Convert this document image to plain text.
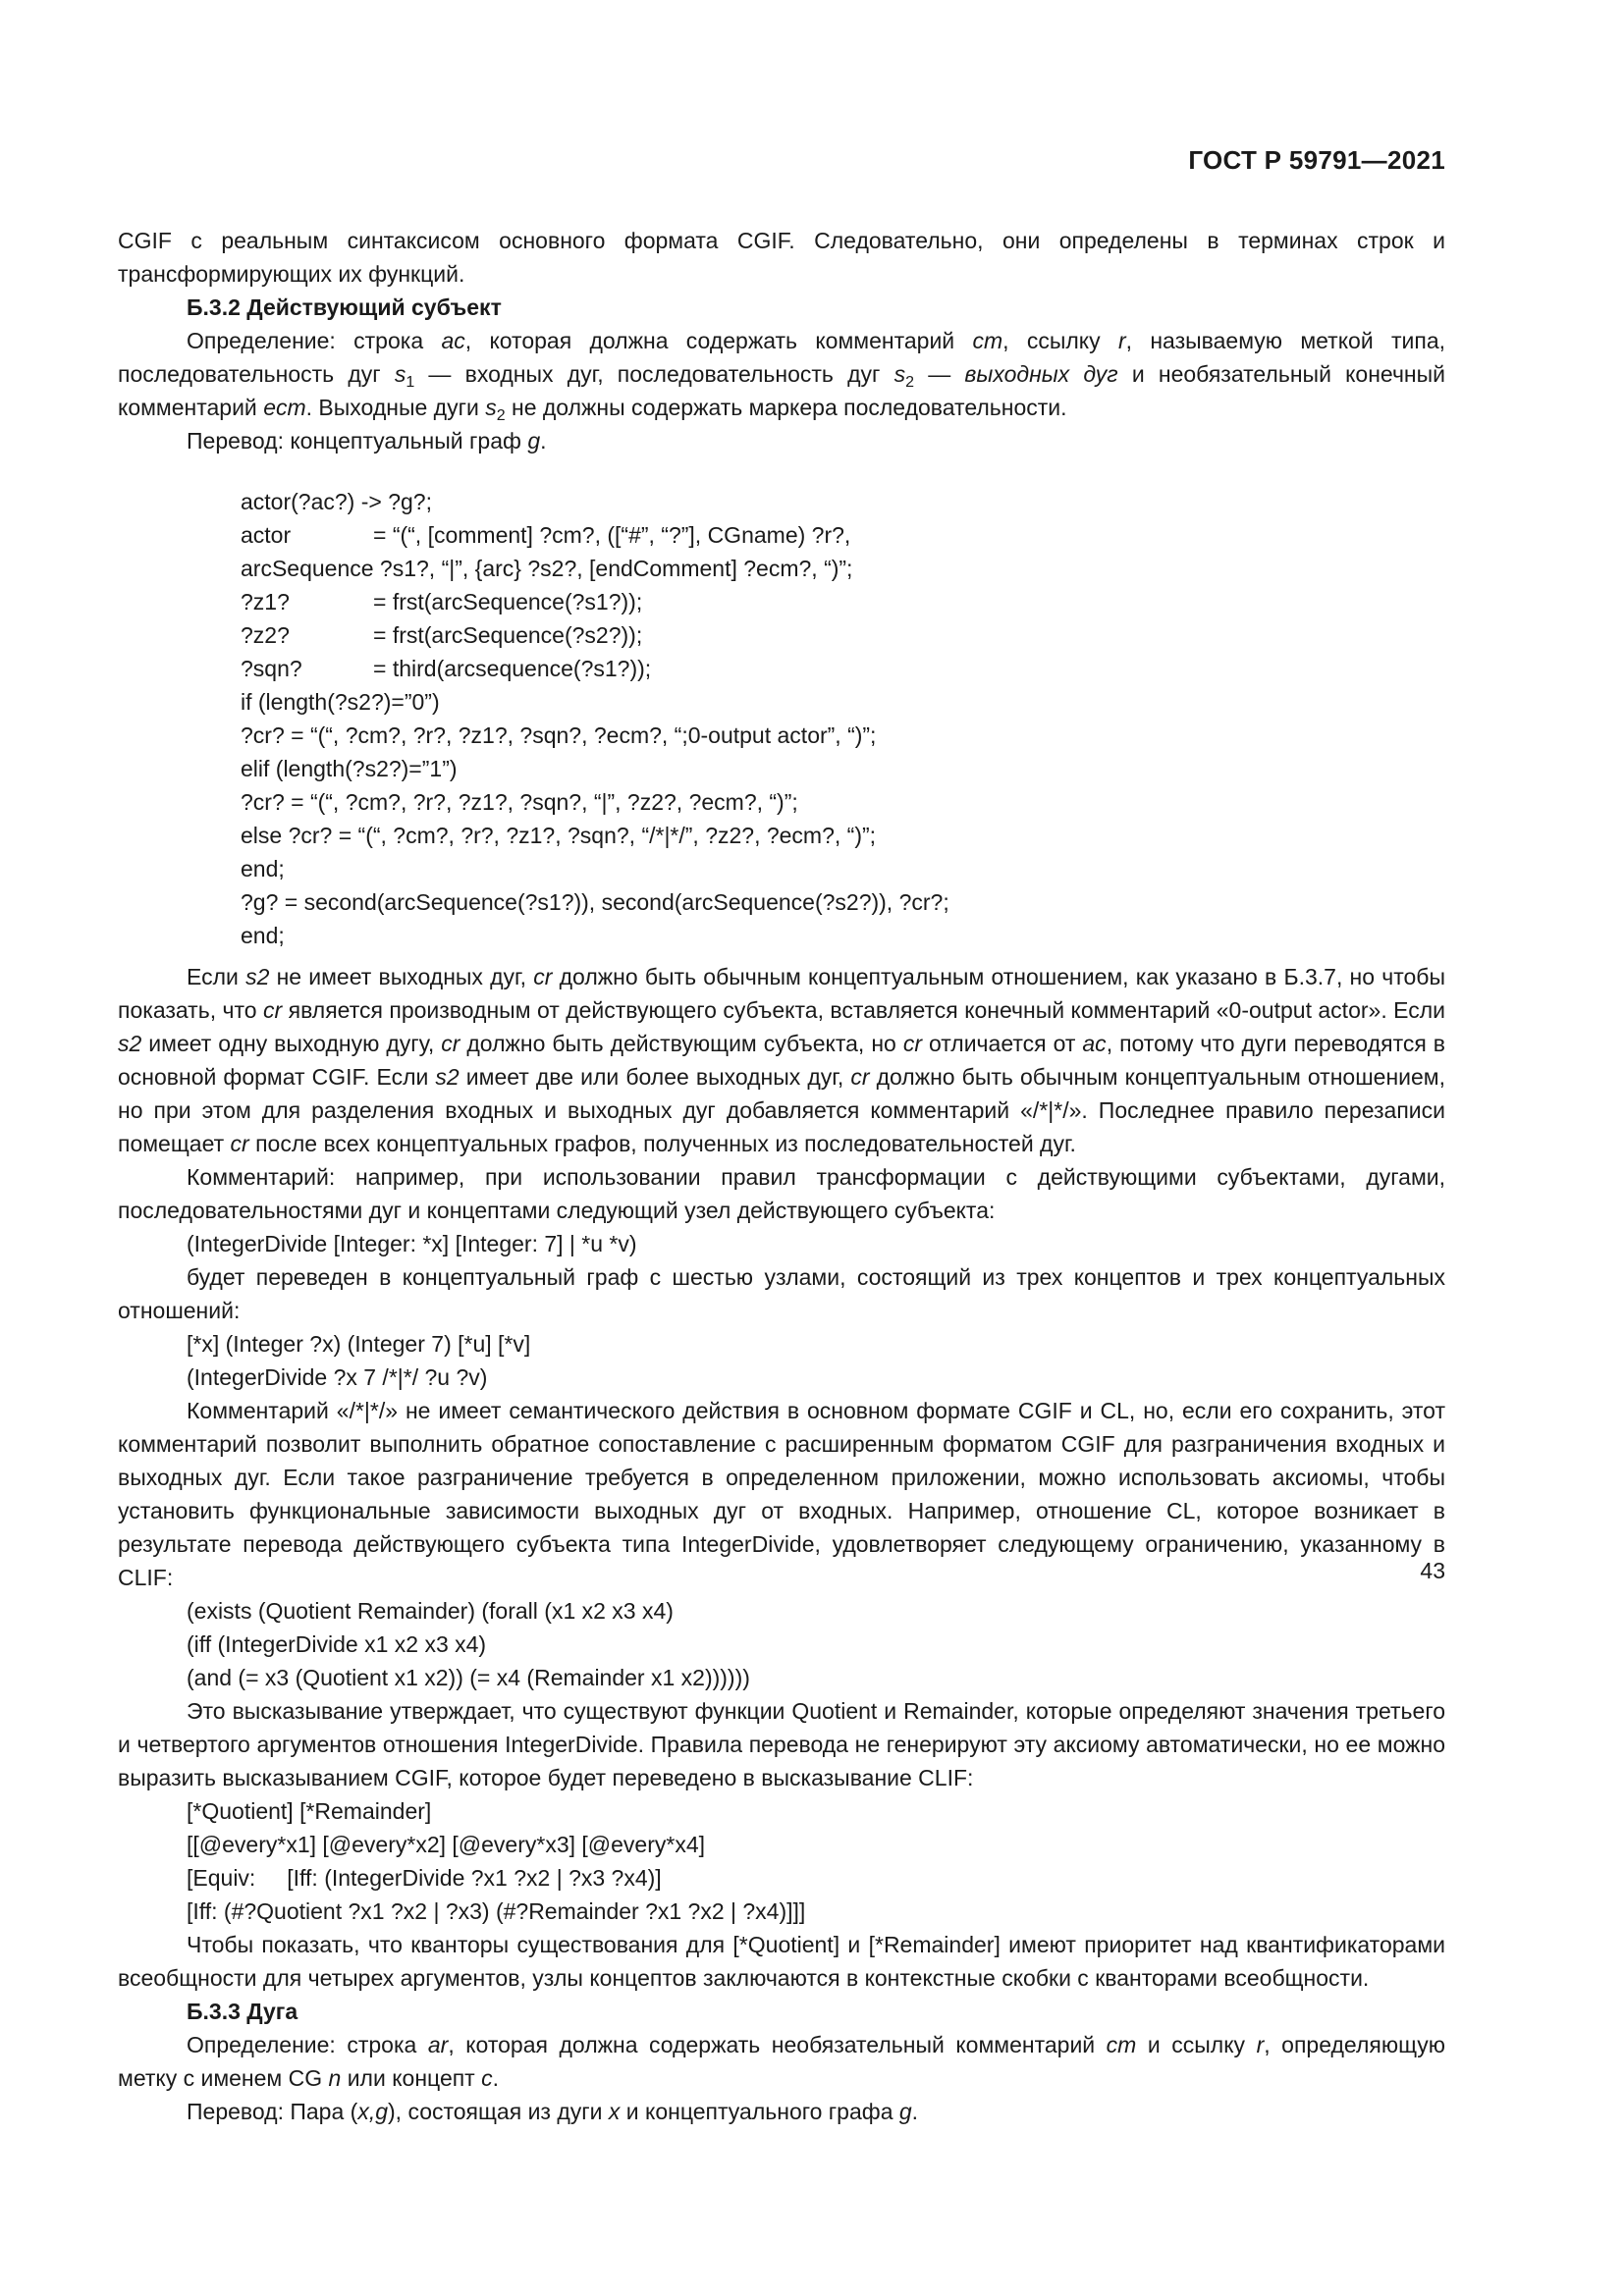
ГОСТ Р 59791—2021

CGIF с реальным синтаксисом основного формата CGIF. Следовательно, они определены в терминах строк и трансформирующих их функций.

Б.3.2 Действующий субъект

Определение: строка ac, которая должна содержать комментарий cm, ссылку r, называемую меткой типа, последовательность дуг $s_1$ — входных дуг, последовательность дуг $s_2$ — выходных дуг и необязательный конечный комментарий ecm. Выходные дуги $s_2$ не должны содержать маркера последовательности.

Перевод: концептуальный граф g.

actor(?ac?) -> ?g?;

actor	= “(“, [comment] ?cm?, ([“#”, “?”], CGname) ?r?,

arcSequence ?s1?, “|”, {arc} ?s2?, [endComment] ?ecm?, “)”;

?z1?	= frst(arcSequence(?s1?));

?z2?	= frst(arcSequence(?s2?));

?sqn?	= third(arcsequence(?s1?));

if (length(?s2?)=”0”)

?cr? = “(“, ?cm?, ?r?, ?z1?, ?sqn?, ?ecm?, “;0-output actor”, “)”;

elif (length(?s2?)=”1”)

?cr? = “(“, ?cm?, ?r?, ?z1?, ?sqn?, “|”, ?z2?, ?ecm?, “)”;

else ?cr? = “(“, ?cm?, ?r?, ?z1?, ?sqn?, “/*|*/”, ?z2?, ?ecm?, “)”;

end;

?g? = second(arcSequence(?s1?)), second(arcSequence(?s2?)), ?cr?;

end;

Если s2 не имеет выходных дуг, cr должно быть обычным концептуальным отношением, как указано в Б.3.7, но чтобы показать, что cr является производным от действующего субъекта, вставляется конечный комментарий «0-output actor». Если s2 имеет одну выходную дугу, cr должно быть действующим субъекта, но cr отличается от ac, потому что дуги переводятся в основной формат CGIF. Если s2 имеет две или более выходных дуг, cr должно быть обычным концептуальным отношением, но при этом для разделения входных и выходных дуг добавляется комментарий «/*|*/». Последнее правило перезаписи помещает cr после всех концептуальных графов, полученных из последовательностей дуг.

Комментарий: например, при использовании правил трансформации с действующими субъектами, дугами, последовательностями дуг и концептами следующий узел действующего субъекта:

(IntegerDivide [Integer: *x] [Integer: 7] | *u *v)

будет переведен в концептуальный граф с шестью узлами, состоящий из трех концептов и трех концептуальных отношений:

[*x] (Integer ?x) (Integer 7) [*u] [*v]

(IntegerDivide ?x 7 /*|*/ ?u ?v)

Комментарий «/*|*/» не имеет семантического действия в основном формате CGIF и CL, но, если его сохранить, этот комментарий позволит выполнить обратное сопоставление с расширенным форматом CGIF для разграничения входных и выходных дуг. Если такое разграничение требуется в определенном приложении, можно использовать аксиомы, чтобы установить функциональные зависимости выходных дуг от входных. Например, отношение CL, которое возникает в результате перевода действующего субъекта типа IntegerDivide, удовлетворяет следующему ограничению, указанному в CLIF:

(exists (Quotient Remainder) (forall (x1 x2 x3 x4)

(iff (IntegerDivide x1 x2 x3 x4)

(and (= x3 (Quotient x1 x2)) (= x4 (Remainder x1 x2))))))

Это высказывание утверждает, что существуют функции Quotient и Remainder, которые определяют значения третьего и четвертого аргументов отношения IntegerDivide. Правила перевода не генерируют эту аксиому автоматически, но ее можно выразить высказыванием CGIF, которое будет переведено в высказывание CLIF:

[*Quotient] [*Remainder]

[[@every*x1] [@every*x2] [@every*x3] [@every*x4]

[Equiv:     [Iff: (IntegerDivide ?x1 ?x2 | ?x3 ?x4)]

[Iff: (#?Quotient ?x1 ?x2 | ?x3) (#?Remainder ?x1 ?x2 | ?x4)]]]

Чтобы показать, что кванторы существования для [*Quotient] и [*Remainder] имеют приоритет над квантификаторами всеобщности для четырех аргументов, узлы концептов заключаются в контекстные скобки с кванторами всеобщности.

Б.3.3 Дуга

Определение: строка ar, которая должна содержать необязательный комментарий cm и ссылку r, определяющую метку с именем CG n или концепт c.

Перевод: Пара (x,g), состоящая из дуги x и концептуального графа g.

43
